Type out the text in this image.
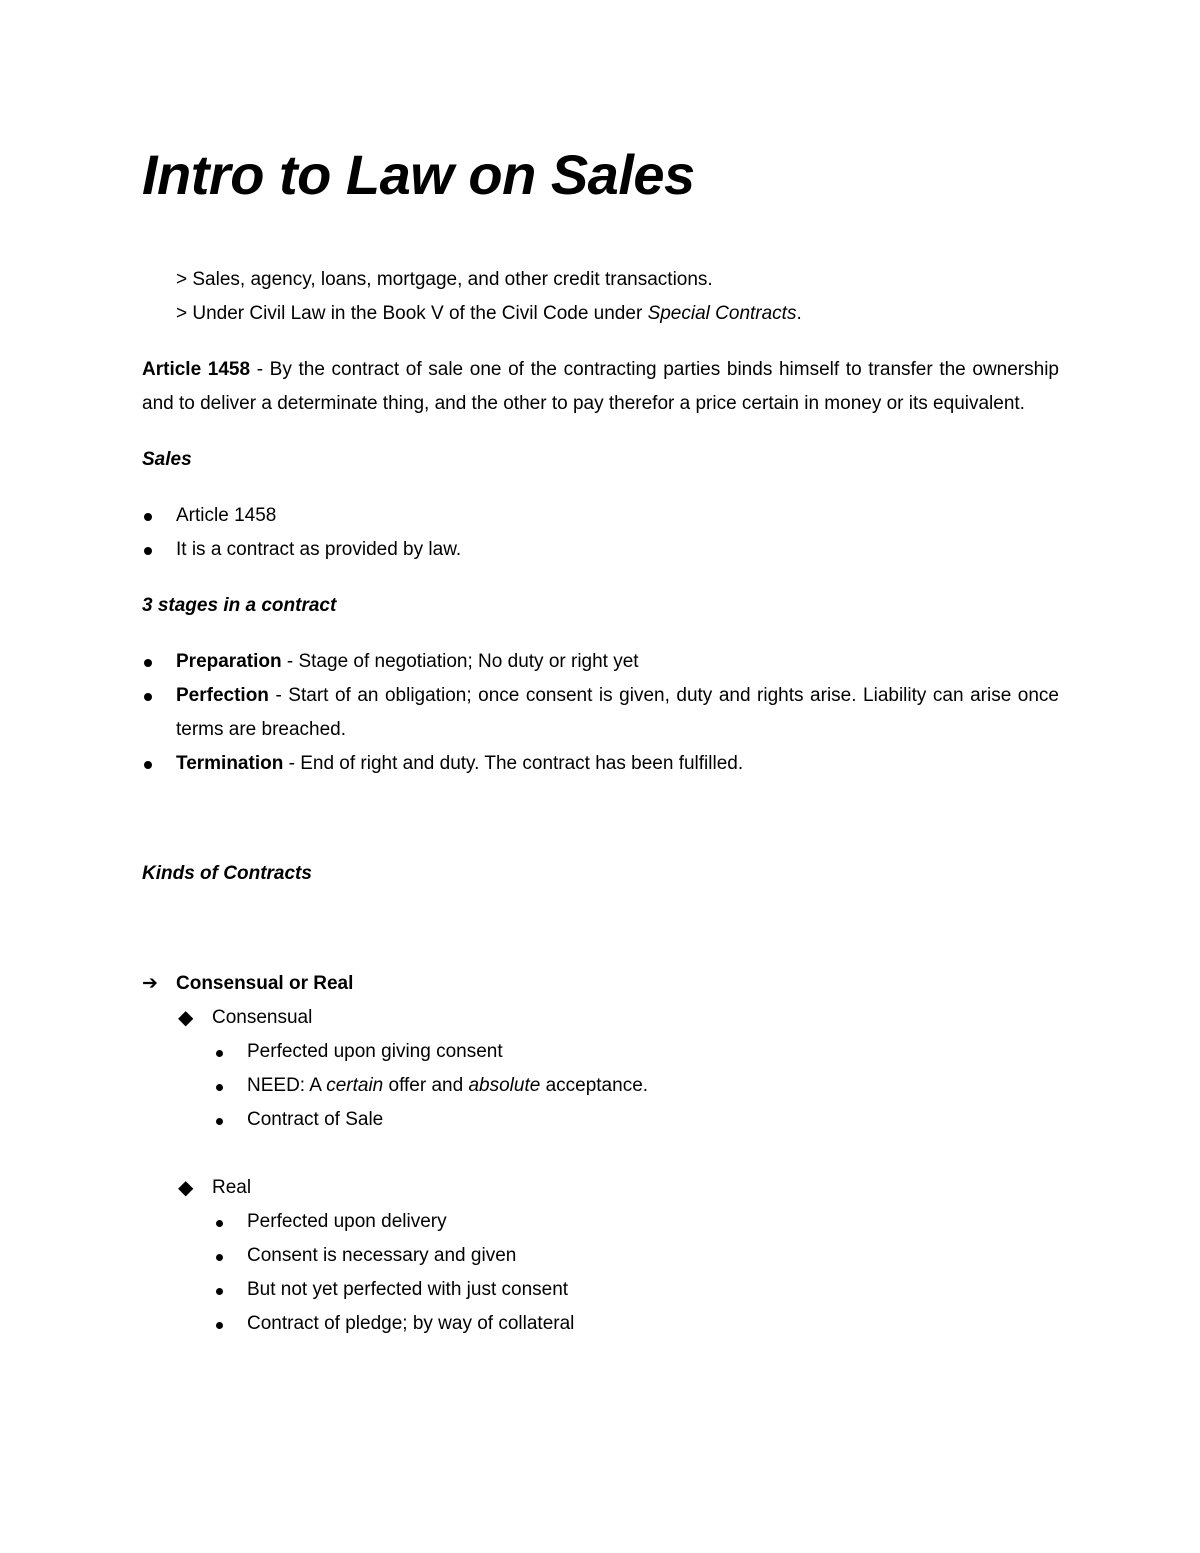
Intro to Law on Sales
> Sales, agency, loans, mortgage, and other credit transactions.
> Under Civil Law in the Book V of the Civil Code under Special Contracts.

Article 1458 - By the contract of sale one of the contracting parties binds himself to transfer the ownership and to deliver a determinate thing, and the other to pay therefor a price certain in money or its equivalent.

Sales

Article 1458
It is a contract as provided by law.

3 stages in a contract

Preparation - Stage of negotiation; No duty or right yet
Perfection - Start of an obligation; once consent is given, duty and rights arise. Liability can arise once terms are breached.
Termination - End of right and duty. The contract has been fulfilled.

Kinds of Contracts

➔ Consensual or Real
◆ Consensual
Perfected upon giving consent
NEED: A certain offer and absolute acceptance.
Contract of Sale
◆ Real
Perfected upon delivery
Consent is necessary and given
But not yet perfected with just consent
Contract of pledge; by way of collateral
